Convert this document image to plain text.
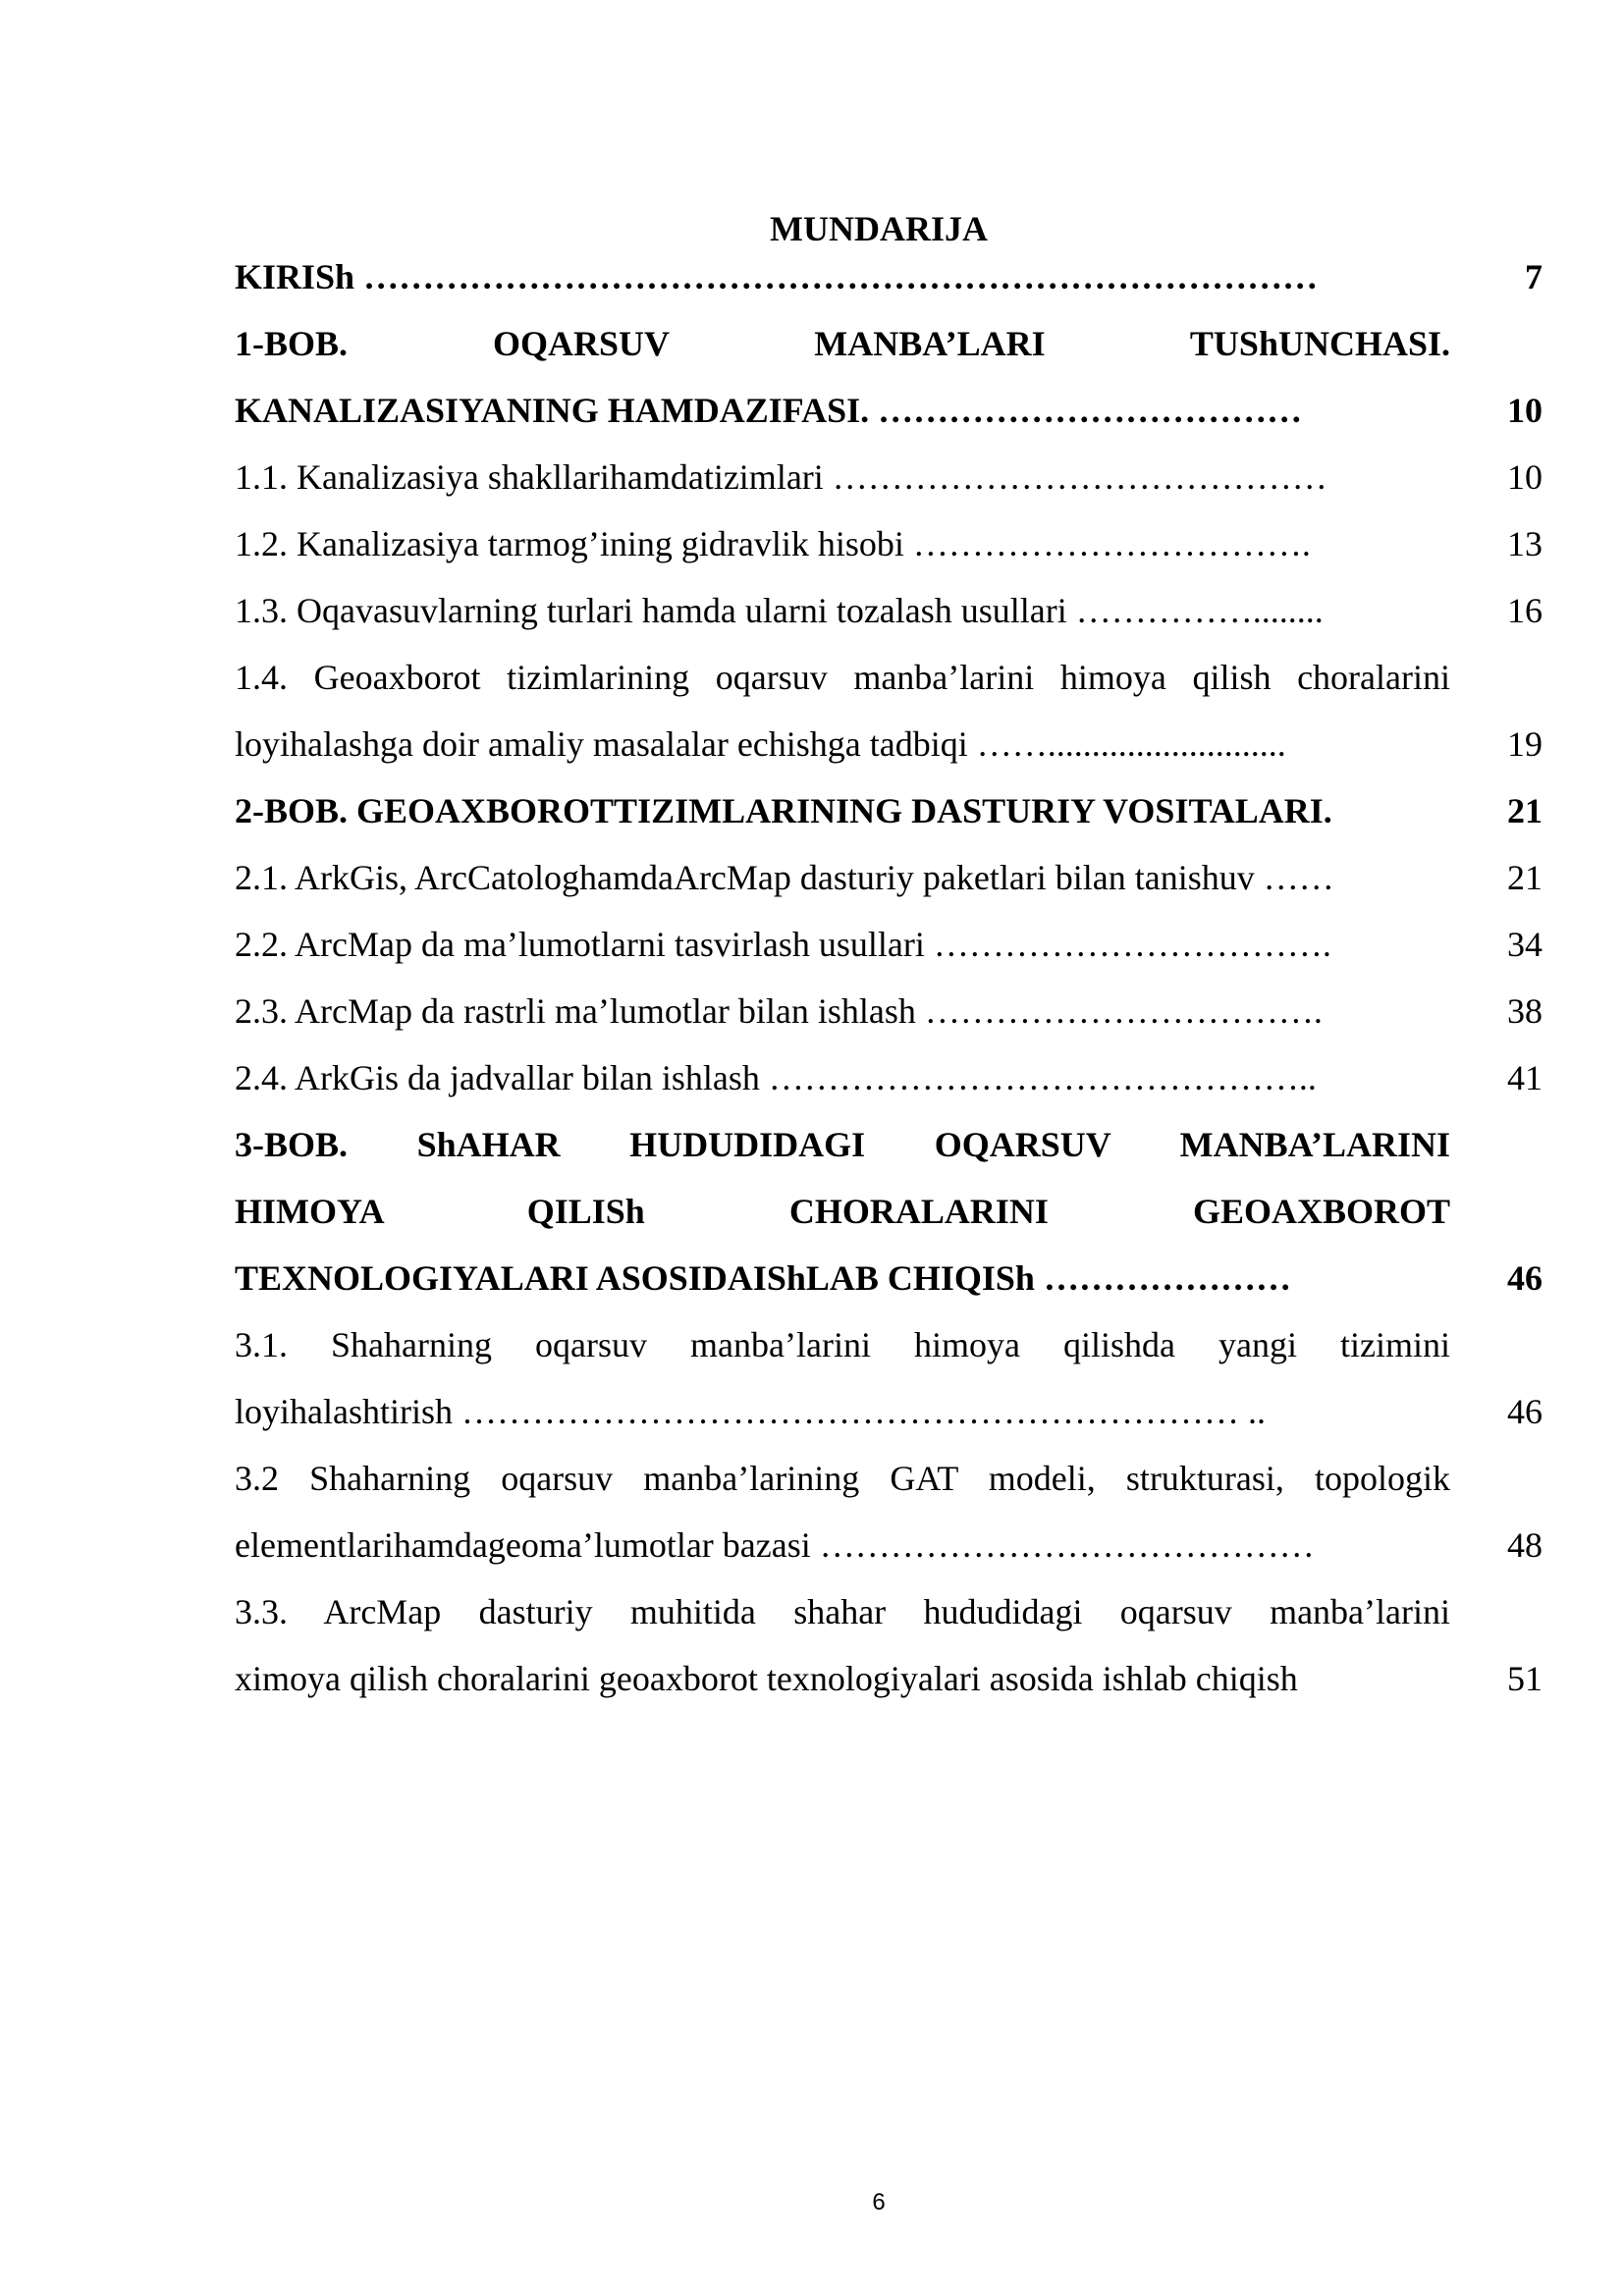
MUNDARIJA
KIRISh ………………………………………………………………………	7
1-BOB. OQARSUV MANBA’LARI TUShUNCHASI.
KANALIZASIYANING HAMDAZIFASI. ………………………………	10
1.1. Kanalizasiya shakllarihamdatizimlari ……………………………………	10
1.2. Kanalizasiya tarmog’ining gidravlik hisobi …………………………….	13
1.3. Oqavasuvlarning turlari hamda ularni tozalash usullari ……………........	16
1.4. Geoaxborot tizimlarining oqarsuv manba’larini himoya qilish choralarini
loyihalashga doir amaliy masalalar echishga tadbiqi ……...........................	19
2-BOB. GEOAXBOROTTIZIMLARINING DASTURIY VOSITALARI.	21
2.1. ArkGis, ArcCatologhamdaArcMap dasturiy paketlari bilan tanishuv ……	21
2.2. ArcMap da ma’lumotlarni tasvirlash usullari …………………………….	34
2.3. ArcMap da rastrli ma’lumotlar bilan ishlash …………………………….	38
2.4. ArkGis da jadvallar bilan ishlash ………………………………………..	41
3-BOB. ShAHAR HUDUDIDAGI OQARSUV MANBA’LARINI
HIMOYA QILISh CHORALARINI GEOAXBOROT
TEXNOLOGIYALARI ASOSIDAIShLAB CHIQISh …………………	46
3.1. Shaharning oqarsuv manba’larini himoya qilishda yangi tizimini
loyihalashtirish ………………………………………………………… ..	46
3.2 Shaharning oqarsuv manba’larining GAT modeli, strukturasi, topologik
elementlarihamdageoma’lumotlar bazasi ……………………………………	48
3.3. ArcMap dasturiy muhitida shahar hududidagi oqarsuv manba’larini
ximoya qilish choralarini geoaxborot texnologiyalari asosida ishlab chiqish	51
6
